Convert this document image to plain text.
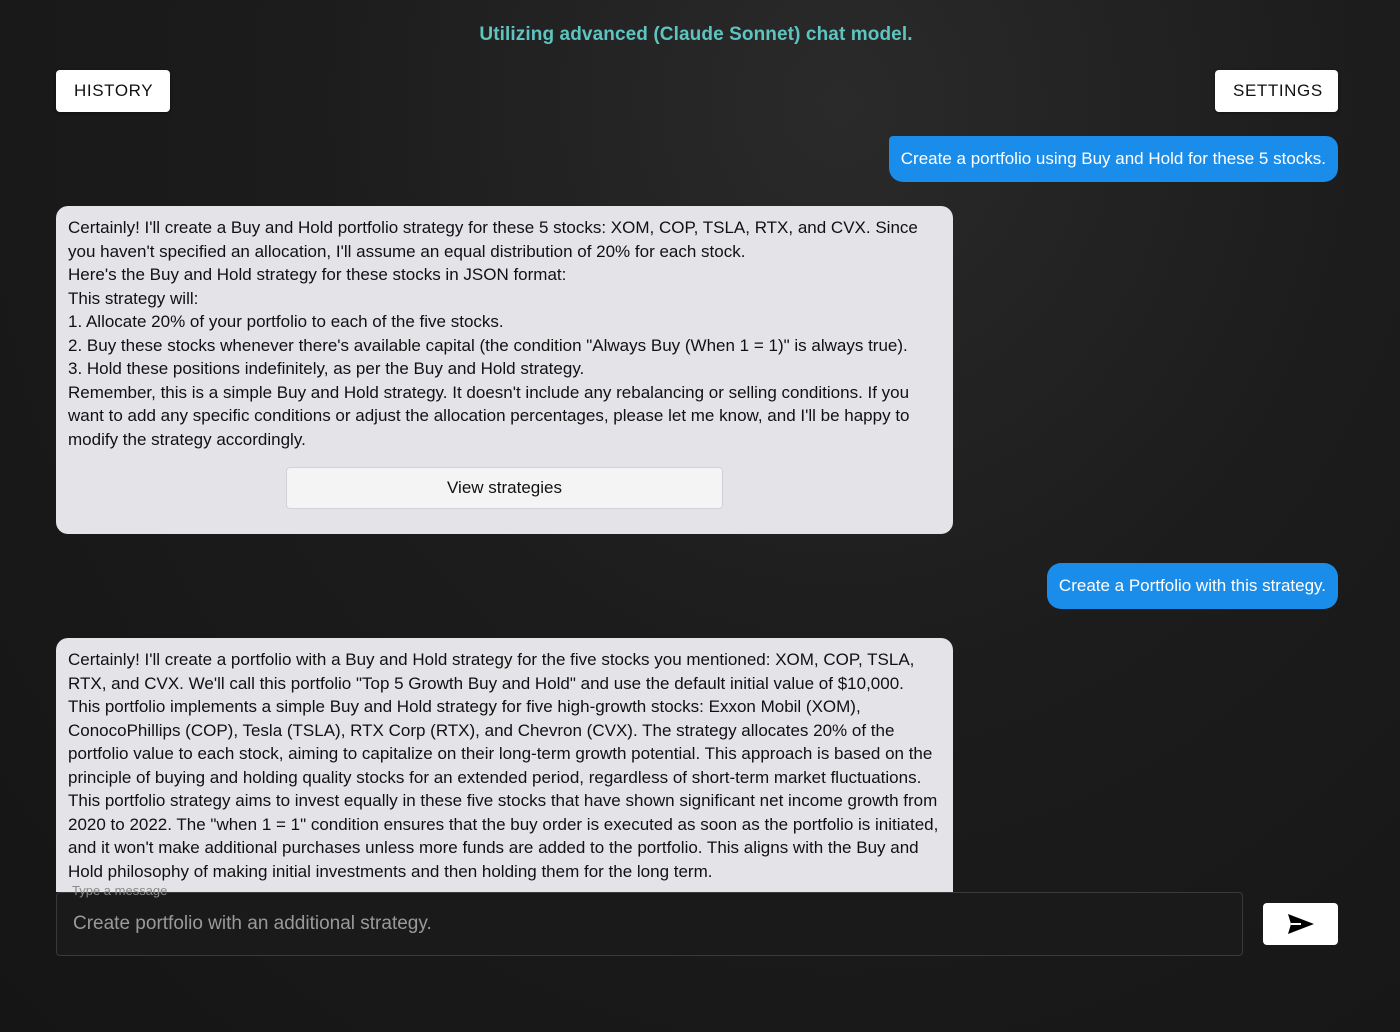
Utilizing advanced (Claude Sonnet) chat model.
HISTORY	SETTINGS
Create a portfolio using Buy and Hold for these 5 stocks.

Certainly! I'll create a Buy and Hold portfolio strategy for these 5 stocks: XOM, COP, TSLA, RTX, and CVX. Since you haven't specified an allocation, I'll assume an equal distribution of 20% for each stock.

Here's the Buy and Hold strategy for these stocks in JSON format:

This strategy will:

1. Allocate 20% of your portfolio to each of the five stocks.

2. Buy these stocks whenever there's available capital (the condition "Always Buy (When 1 = 1)" is always true).

3. Hold these positions indefinitely, as per the Buy and Hold strategy.

Remember, this is a simple Buy and Hold strategy. It doesn't include any rebalancing or selling conditions. If you want to add any specific conditions or adjust the allocation percentages, please let me know, and I'll be happy to modify the strategy accordingly.

View strategies
Create a Portfolio with this strategy.

Certainly! I'll create a portfolio with a Buy and Hold strategy for the five stocks you mentioned: XOM, COP, TSLA, RTX, and CVX. We'll call this portfolio "Top 5 Growth Buy and Hold" and use the default initial value of $10,000.

This portfolio implements a simple Buy and Hold strategy for five high-growth stocks: Exxon Mobil (XOM), ConocoPhillips (COP), Tesla (TSLA), RTX Corp (RTX), and Chevron (CVX). The strategy allocates 20% of the portfolio value to each stock, aiming to capitalize on their long-term growth potential. This approach is based on the principle of buying and holding quality stocks for an extended period, regardless of short-term market fluctuations.

This portfolio strategy aims to invest equally in these five stocks that have shown significant net income growth from 2020 to 2022. The "when 1 = 1" condition ensures that the buy order is executed as soon as the portfolio is initiated, and it won't make additional purchases unless more funds are added to the portfolio. This aligns with the Buy and Hold philosophy of making initial investments and then holding them for the long term.

Create portfolio with an additional strategy.
Type a message
